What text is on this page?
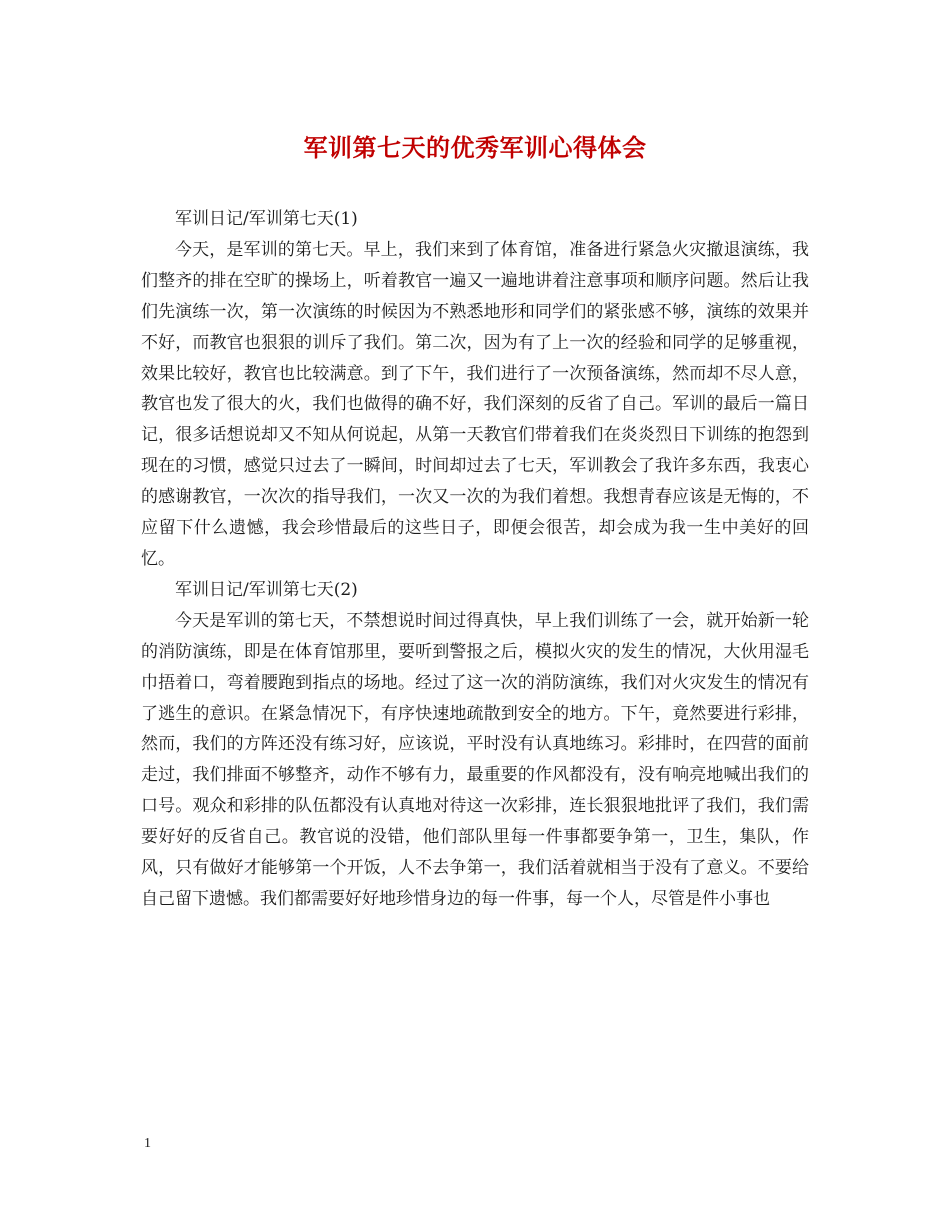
军训第七天的优秀军训心得体会

军训日记/军训第七天(1)

今天，是军训的第七天。早上，我们来到了体育馆，准备进行紧急火灾撤退演练，我们整齐的排在空旷的操场上，听着教官一遍又一遍地讲着注意事项和顺序问题。然后让我们先演练一次，第一次演练的时候因为不熟悉地形和同学们的紧张感不够，演练的效果并不好，而教官也狠狠的训斥了我们。第二次，因为有了上一次的经验和同学的足够重视，效果比较好，教官也比较满意。到了下午，我们进行了一次预备演练，然而却不尽人意，教官也发了很大的火，我们也做得的确不好，我们深刻的反省了自己。军训的最后一篇日记，很多话想说却又不知从何说起，从第一天教官们带着我们在炎炎烈日下训练的抱怨到现在的习惯，感觉只过去了一瞬间，时间却过去了七天，军训教会了我许多东西，我衷心的感谢教官，一次次的指导我们，一次又一次的为我们着想。我想青春应该是无悔的，不应留下什么遗憾，我会珍惜最后的这些日子，即便会很苦，却会成为我一生中美好的回忆。

军训日记/军训第七天(2)

今天是军训的第七天，不禁想说时间过得真快，早上我们训练了一会，就开始新一轮的消防演练，即是在体育馆那里，要听到警报之后，模拟火灾的发生的情况，大伙用湿毛巾捂着口，弯着腰跑到指点的场地。经过了这一次的消防演练，我们对火灾发生的情况有了逃生的意识。在紧急情况下，有序快速地疏散到安全的地方。下午，竟然要进行彩排，然而，我们的方阵还没有练习好，应该说，平时没有认真地练习。彩排时，在四营的面前走过，我们排面不够整齐，动作不够有力，最重要的作风都没有，没有响亮地喊出我们的口号。观众和彩排的队伍都没有认真地对待这一次彩排，连长狠狠地批评了我们，我们需要好好的反省自己。教官说的没错，他们部队里每一件事都要争第一，卫生，集队，作风，只有做好才能够第一个开饭，人不去争第一，我们活着就相当于没有了意义。不要给自己留下遗憾。我们都需要好好地珍惜身边的每一件事，每一个人，尽管是件小事也

1
